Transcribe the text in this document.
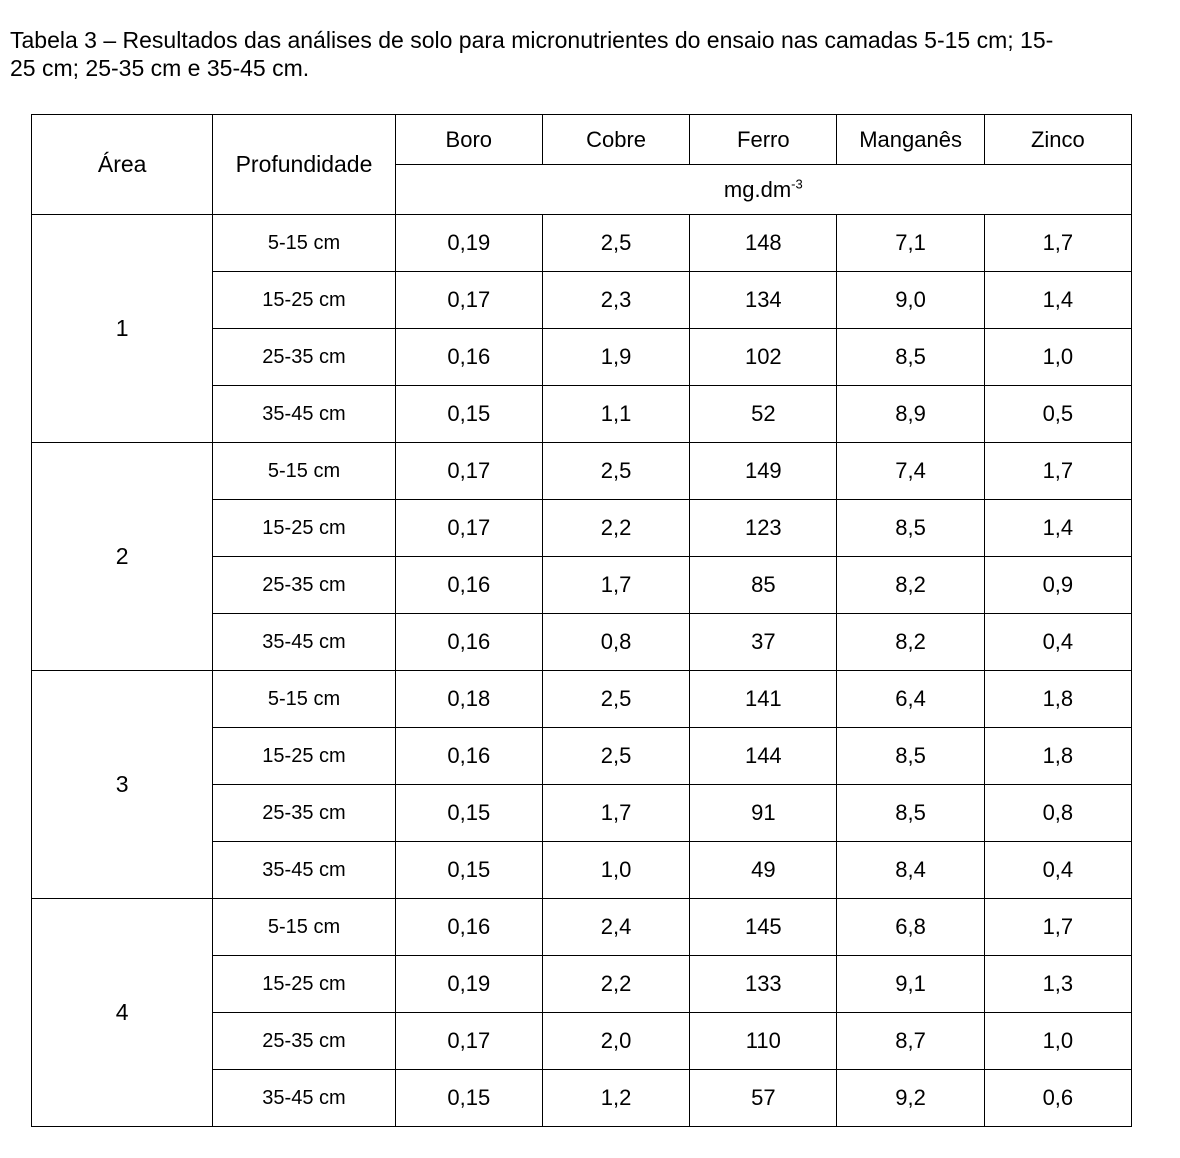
Tabela 3 – Resultados das análises de solo para micronutrientes do ensaio nas camadas 5-15 cm; 15-
25 cm; 25-35 cm e 35-45 cm.

Área	Profundidade	Boro	Cobre	Ferro	Manganês	Zinco
		$mg.dm^{-3}$
1	5-15 cm	0,19	2,5	148	7,1	1,7
	15-25 cm	0,17	2,3	134	9,0	1,4
	25-35 cm	0,16	1,9	102	8,5	1,0
	35-45 cm	0,15	1,1	52	8,9	0,5
2	5-15 cm	0,17	2,5	149	7,4	1,7
	15-25 cm	0,17	2,2	123	8,5	1,4
	25-35 cm	0,16	1,7	85	8,2	0,9
	35-45 cm	0,16	0,8	37	8,2	0,4
3	5-15 cm	0,18	2,5	141	6,4	1,8
	15-25 cm	0,16	2,5	144	8,5	1,8
	25-35 cm	0,15	1,7	91	8,5	0,8
	35-45 cm	0,15	1,0	49	8,4	0,4
4	5-15 cm	0,16	2,4	145	6,8	1,7
	15-25 cm	0,19	2,2	133	9,1	1,3
	25-35 cm	0,17	2,0	110	8,7	1,0
	35-45 cm	0,15	1,2	57	9,2	0,6
